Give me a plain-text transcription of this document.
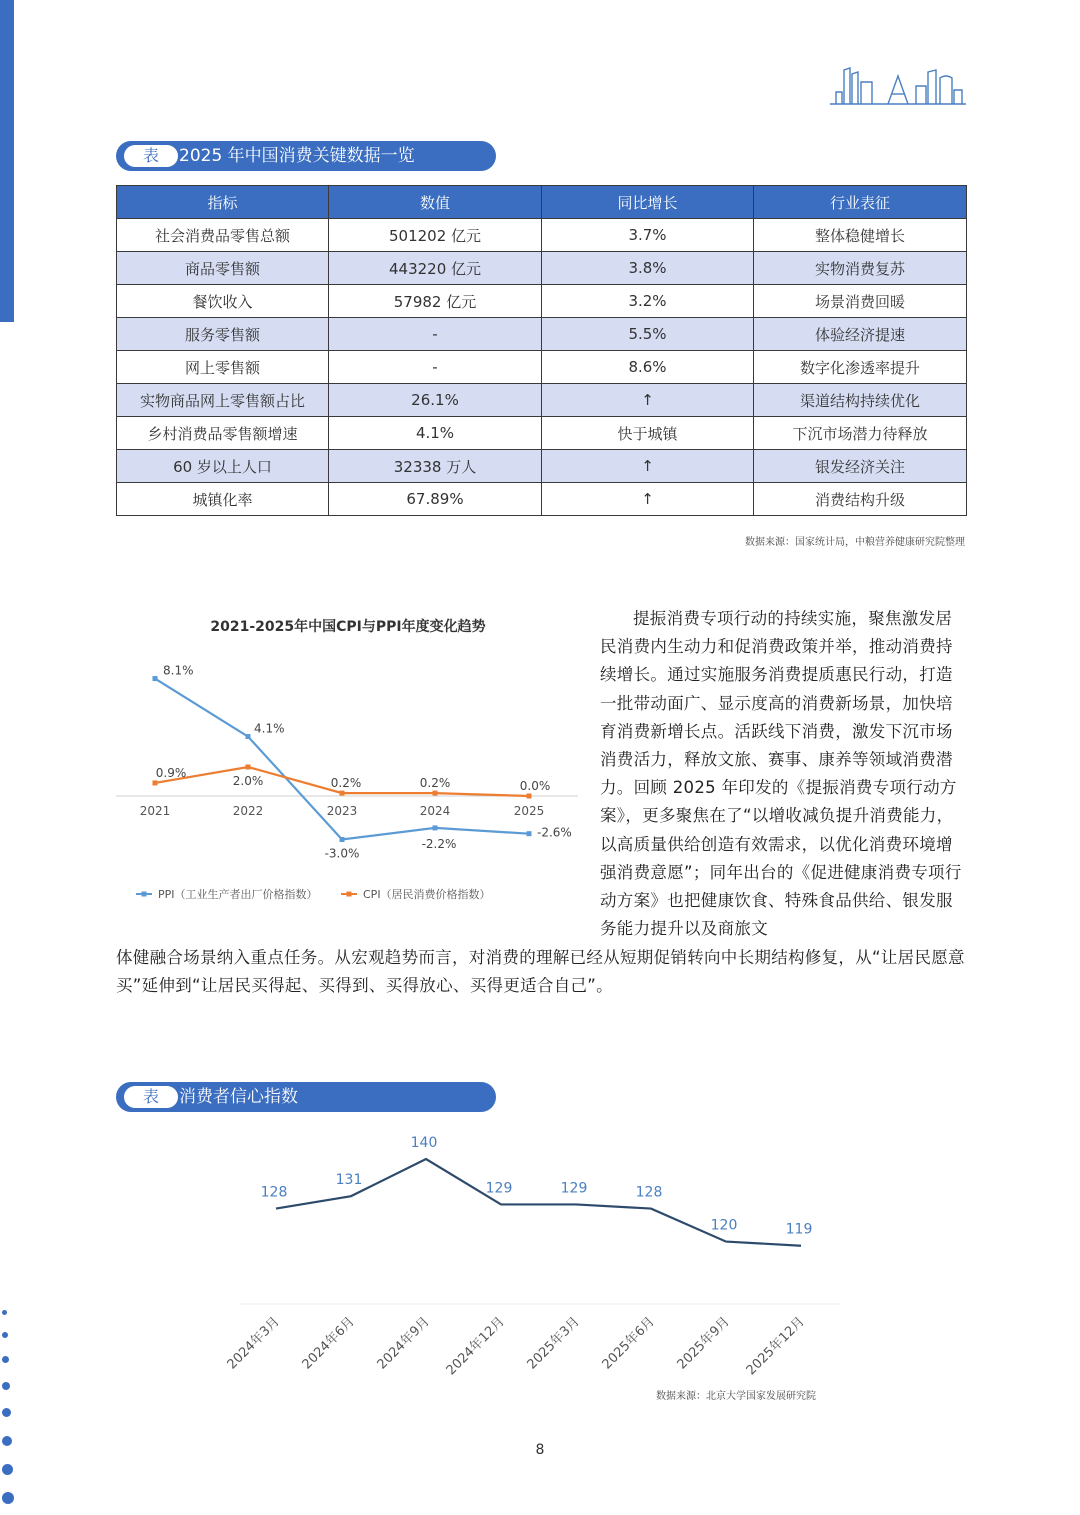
表	2025 年中国消费关键数据一览
指标	数值	同比增长	行业表征
社会消费品零售总额	501202 亿元	3.7%	整体稳健增长
商品零售额	443220 亿元	3.8%	实物消费复苏
餐饮收入	57982 亿元	3.2%	场景消费回暖
服务零售额	-	5.5%	体验经济提速
网上零售额	-	8.6%	数字化渗透率提升
实物商品网上零售额占比	26.1%	↑	渠道结构持续优化
乡村消费品零售额增速	4.1%	快于城镇	下沉市场潜力待释放
60 岁以上人口	32338 万人	↑	银发经济关注
城镇化率	67.89%	↑	消费结构升级
数据来源：国家统计局，中粮营养健康研究院整理
2021-2025年中国CPI与PPI年度变化趋势
2021	2022	2023	2024	2025
8.1%
4.1%
-3.0%
-2.2%
-2.6%
0.9%
2.0%	0.2%	0.2%	0.0%
PPI（工业生产者出厂价格指数）	CPI（居民消费价格指数）
提振消费专项行动的持续实施，聚焦激发居民消费内生动力和促消费政策并举，推动消费持续增长。通过实施服务消费提质惠民行动，打造一批带动面广、显示度高的消费新场景，加快培育消费新增长点。活跃线下消费，激发下沉市场消费活力，释放文旅、赛事、康养等领域消费潜力。回顾 2025 年印发的《提振消费专项行动方案》，更多聚焦在了“以增收减负提升消费能力，以高质量供给创造有效需求，以优化消费环境增强消费意愿”；同年出台的《促进健康消费专项行动方案》也把健康饮食、特殊食品供给、银发服务能力提升以及商旅文
体健融合场景纳入重点任务。从宏观趋势而言，对消费的理解已经从短期促销转向中长期结构修复，从“让居民愿意买”延伸到“让居民买得起、买得到、买得放心、买得更适合自己”。
表	消费者信心指数
128
131
140
129	129	128
120	119
2024年3月 2024年6月 2024年9月 2024年12月 2025年3月 2025年6月 2025年9月 2025年12月
数据来源：北京大学国家发展研究院
8
